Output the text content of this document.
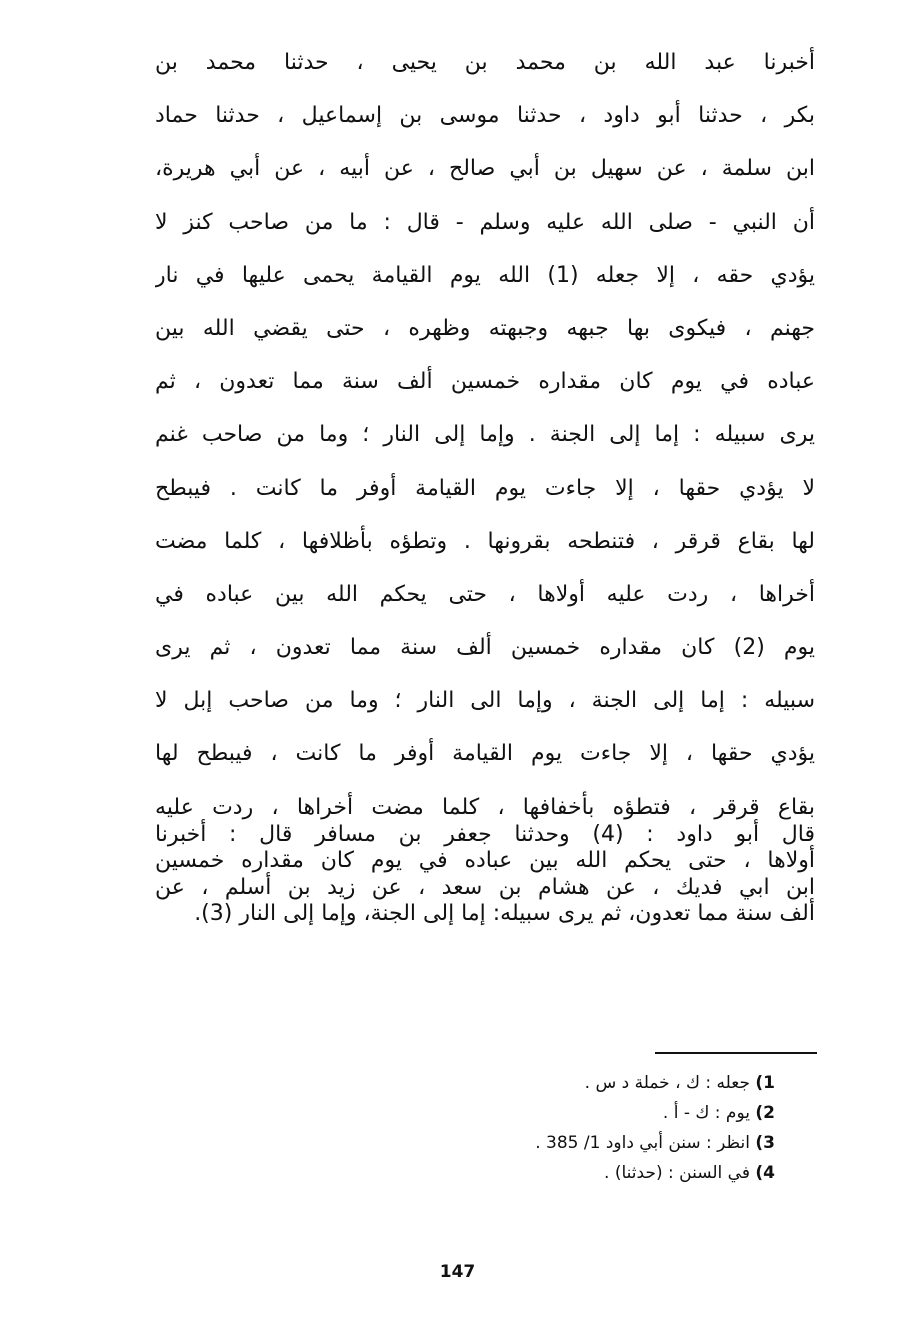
أخبرنا عبد الله بن محمد بن يحيى ، حدثنا محمد بن
بكر ، حدثنا أبو داود ، حدثنا موسى بن إسماعيل ، حدثنا حماد
ابن سلمة ، عن سهيل بن أبي صالح ، عن أبيه ، عن أبي هريرة،
أن النبي - صلى الله عليه وسلم - قال : ما من صاحب كنز لا
يؤدي حقه ، إلا جعله (1) الله يوم القيامة يحمى عليها في نار
جهنم ، فيكوى بها جبهه وجبهته وظهره ، حتى يقضي الله بين
عباده في يوم كان مقداره خمسين ألف سنة مما تعدون ، ثم
يرى سبيله : إما إلى الجنة . وإما إلى النار ؛ وما من صاحب غنم
لا يؤدي حقها ، إلا جاءت يوم القيامة أوفر ما كانت . فيبطح
لها بقاع قرقر ، فتنطحه بقرونها . وتطؤه بأظلافها ، كلما مضت
أخراها ، ردت عليه أولاها ، حتى يحكم الله بين عباده في
يوم (2) كان مقداره خمسين ألف سنة مما تعدون ، ثم يرى
سبيله : إما إلى الجنة ، وإما الى النار ؛ وما من صاحب إبل لا
يؤدي حقها ، إلا جاءت يوم القيامة أوفر ما كانت ، فيبطح لها
بقاع قرقر ، فتطؤه بأخفافها ، كلما مضت أخراها ، ردت عليه
أولاها ، حتى يحكم الله بين عباده في يوم كان مقداره خمسين
ألف سنة مما تعدون، ثم يرى سبيله: إما إلى الجنة، وإما إلى النار (3).
قال أبو داود : (4) وحدثنا جعفر بن مسافر قال : أخبرنا
ابن ابي فديك ، عن هشام بن سعد ، عن زيد بن أسلم ، عن
1) جعله : ك ، خملة د س .
2) يوم : ك - أ .
3) انظر : سنن أبي داود 1/ 385 .
4) في السنن : (حدثنا) .
147
